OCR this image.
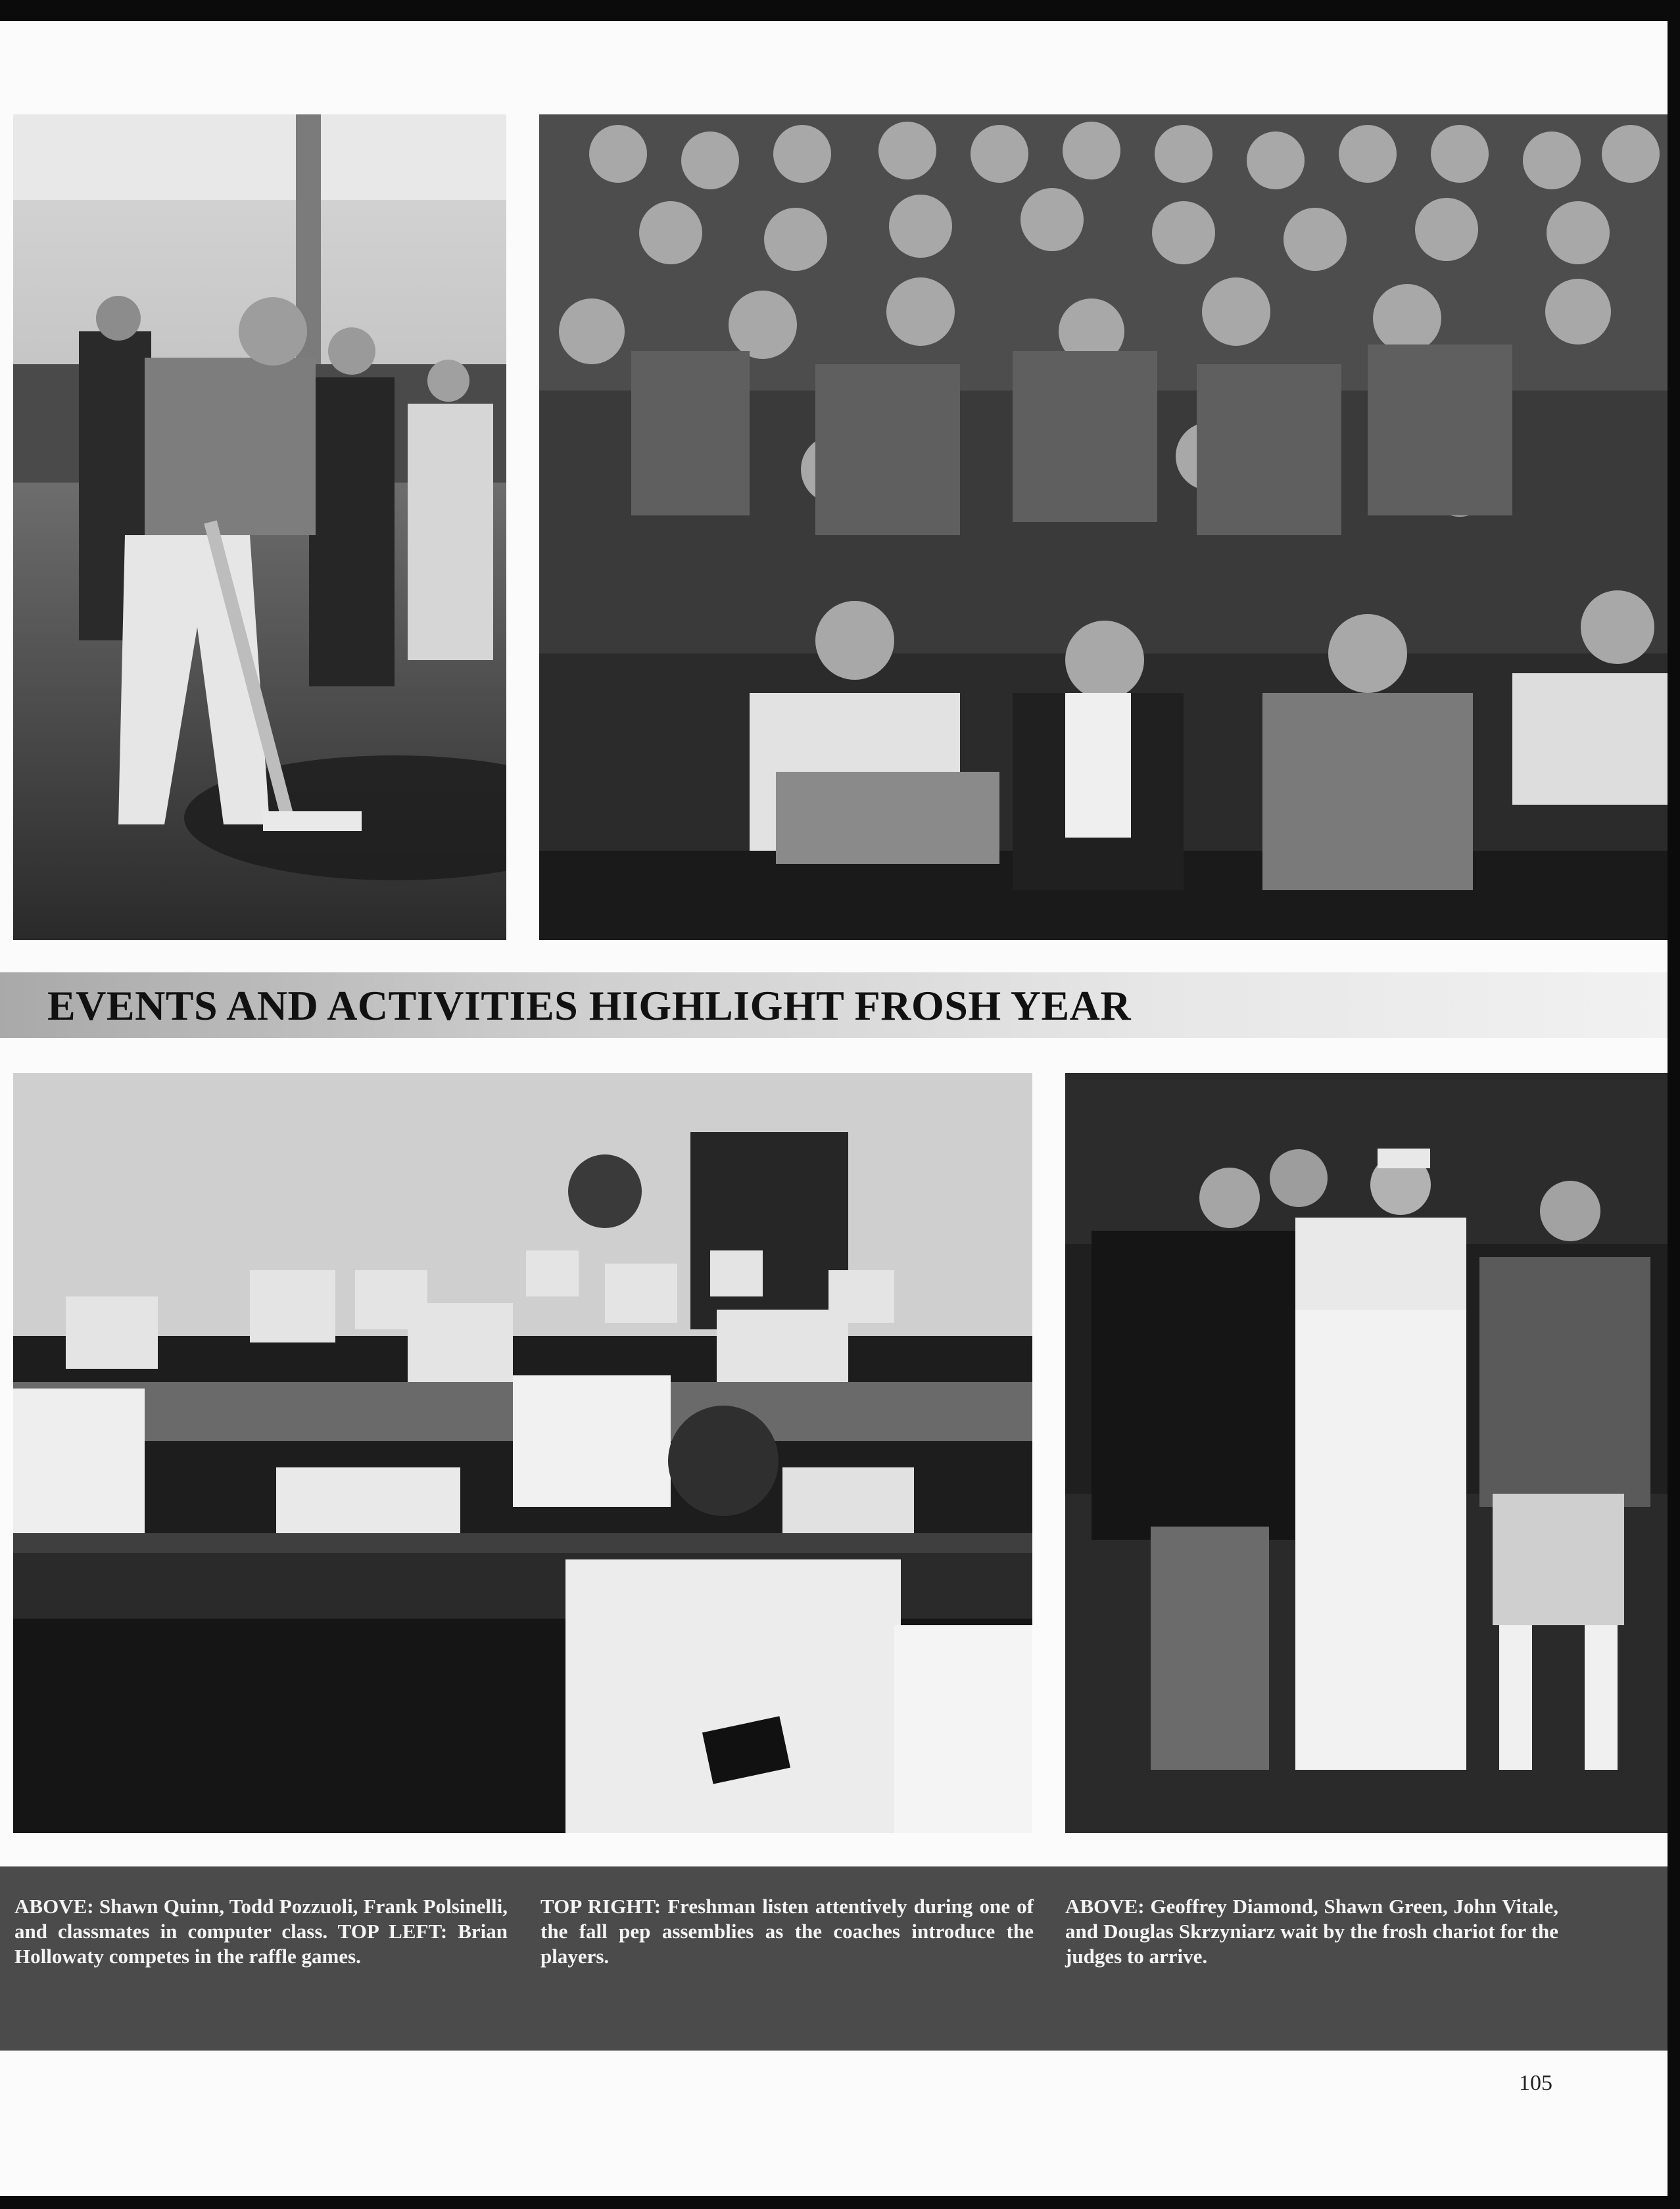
EVENTS AND ACTIVITIES HIGHLIGHT FROSH YEAR

ABOVE: Shawn Quinn, Todd Pozzuoli, Frank Polsinelli, and classmates in computer class. TOP LEFT: Brian Hollowaty competes in the raffle games.

TOP RIGHT: Freshman listen attentively during one of the fall pep assemblies as the coaches introduce the players.

ABOVE: Geoffrey Diamond, Shawn Green, John Vitale, and Douglas Skrzyniarz wait by the frosh chariot for the judges to arrive.

105
